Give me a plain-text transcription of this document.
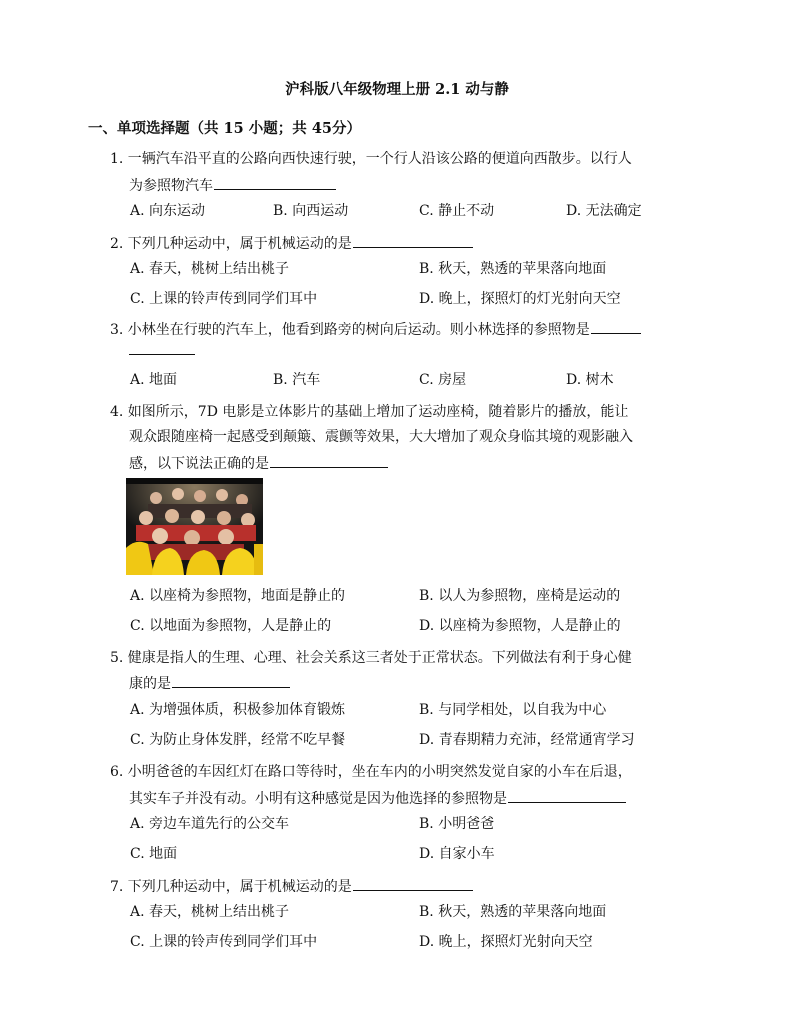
沪科版八年级物理上册 2.1 动与静
一、单项选择题（共 15 小题；共 45分）
1. 一辆汽车沿平直的公路向西快速行驶，一个行人沿该公路的便道向西散步。以行人
为参照物汽车
A. 向东运动	B. 向西运动	C. 静止不动	D. 无法确定
2. 下列几种运动中，属于机械运动的是
A. 春天，桃树上结出桃子	B. 秋天，熟透的苹果落向地面
C. 上课的铃声传到同学们耳中	D. 晚上，探照灯的灯光射向天空
3. 小林坐在行驶的汽车上，他看到路旁的树向后运动。则小林选择的参照物是
A. 地面	B. 汽车	C. 房屋	D. 树木
4. 如图所示，7D 电影是立体影片的基础上增加了运动座椅，随着影片的播放，能让
观众跟随座椅一起感受到颠簸、震颤等效果，大大增加了观众身临其境的观影融入
感，以下说法正确的是
A. 以座椅为参照物，地面是静止的	B. 以人为参照物，座椅是运动的
C. 以地面为参照物，人是静止的	D. 以座椅为参照物，人是静止的
5. 健康是指人的生理、心理、社会关系这三者处于正常状态。下列做法有利于身心健
康的是
A. 为增强体质，积极参加体育锻炼	B. 与同学相处，以自我为中心
C. 为防止身体发胖，经常不吃早餐	D. 青春期精力充沛，经常通宵学习
6. 小明爸爸的车因红灯在路口等待时，坐在车内的小明突然发觉自家的小车在后退，
其实车子并没有动。小明有这种感觉是因为他选择的参照物是
A. 旁边车道先行的公交车	B. 小明爸爸
C. 地面	D. 自家小车
7. 下列几种运动中，属于机械运动的是
A. 春天，桃树上结出桃子	B. 秋天，熟透的苹果落向地面
C. 上课的铃声传到同学们耳中	D. 晚上，探照灯光射向天空
